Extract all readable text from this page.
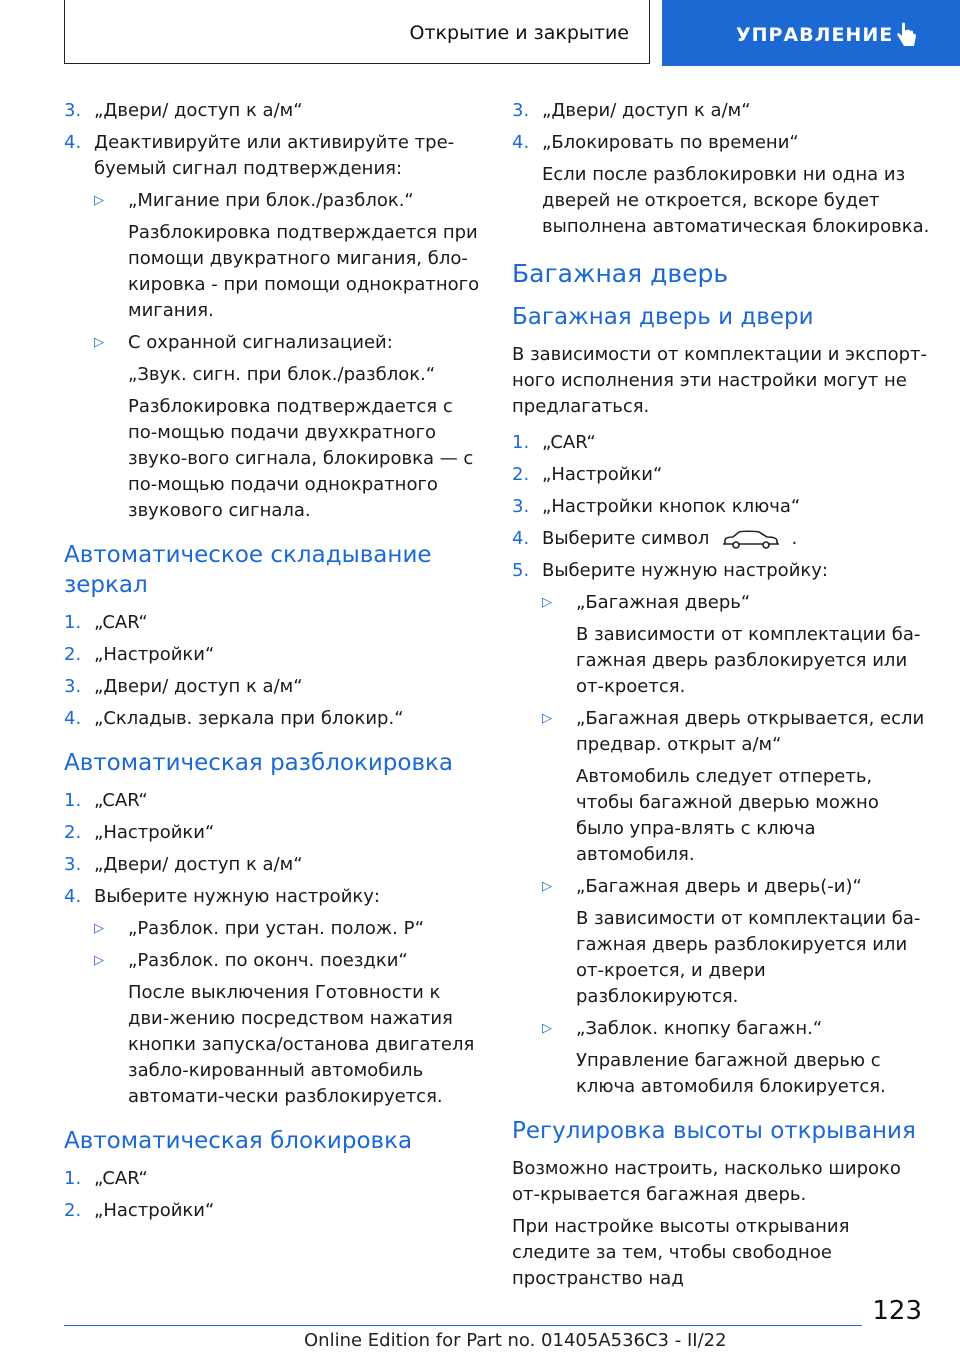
Открытие и закрытие	УПРАВЛЕНИЕ
3. „Двери/ доступ к а/м“
4. Деактивируйте или активируйте тре-буемый сигнал подтверждения:
▷ „Мигание при блок./разблок.“
Разблокировка подтверждается при помощи двукратного мигания, бло-кировка - при помощи однократного мигания.
▷ С охранной сигнализацией:
„Звук. сигн. при блок./разблок.“
Разблокировка подтверждается с по-мощью подачи двухкратного звуко-вого сигнала, блокировка — с по-мощью подачи однократного звукового сигнала.
Автоматическое складывание зеркал
1. „CAR“
2. „Настройки“
3. „Двери/ доступ к а/м“
4. „Складыв. зеркала при блокир.“
Автоматическая разблокировка
1. „CAR“
2. „Настройки“
3. „Двери/ доступ к а/м“
4. Выберите нужную настройку:
▷ „Разблок. при устан. полож. P“
▷ „Разблок. по оконч. поездки“
После выключения Готовности к дви-жению посредством нажатия кнопки запуска/останова двигателя забло-кированный автомобиль автомати-чески разблокируется.
Автоматическая блокировка
1. „CAR“
2. „Настройки“
3. „Двери/ доступ к а/м“
4. „Блокировать по времени“
Если после разблокировки ни одна из дверей не откроется, вскоре будет выполнена автоматическая блокировка.
Багажная дверь
Багажная дверь и двери
В зависимости от комплектации и экспорт-ного исполнения эти настройки могут не предлагаться.
1. „CAR“
2. „Настройки“
3. „Настройки кнопок ключа“
4. Выберите символ	.
5. Выберите нужную настройку:
▷ „Багажная дверь“
В зависимости от комплектации ба-гажная дверь разблокируется или от-кроется.
▷ „Багажная дверь открывается, если предвар. открыт а/м“
Автомобиль следует отпереть, чтобы багажной дверью можно было упра-влять с ключа автомобиля.
▷ „Багажная дверь и дверь(-и)“
В зависимости от комплектации ба-гажная дверь разблокируется или от-кроется, и двери разблокируются.
▷ „Заблок. кнопку багажн.“
Управление багажной дверью с ключа автомобиля блокируется.
Регулировка высоты открывания
Возможно настроить, насколько широко от-крывается багажная дверь.
При настройке высоты открывания следите за тем, чтобы свободное пространство над
123
Online Edition for Part no. 01405A536C3 - II/22
